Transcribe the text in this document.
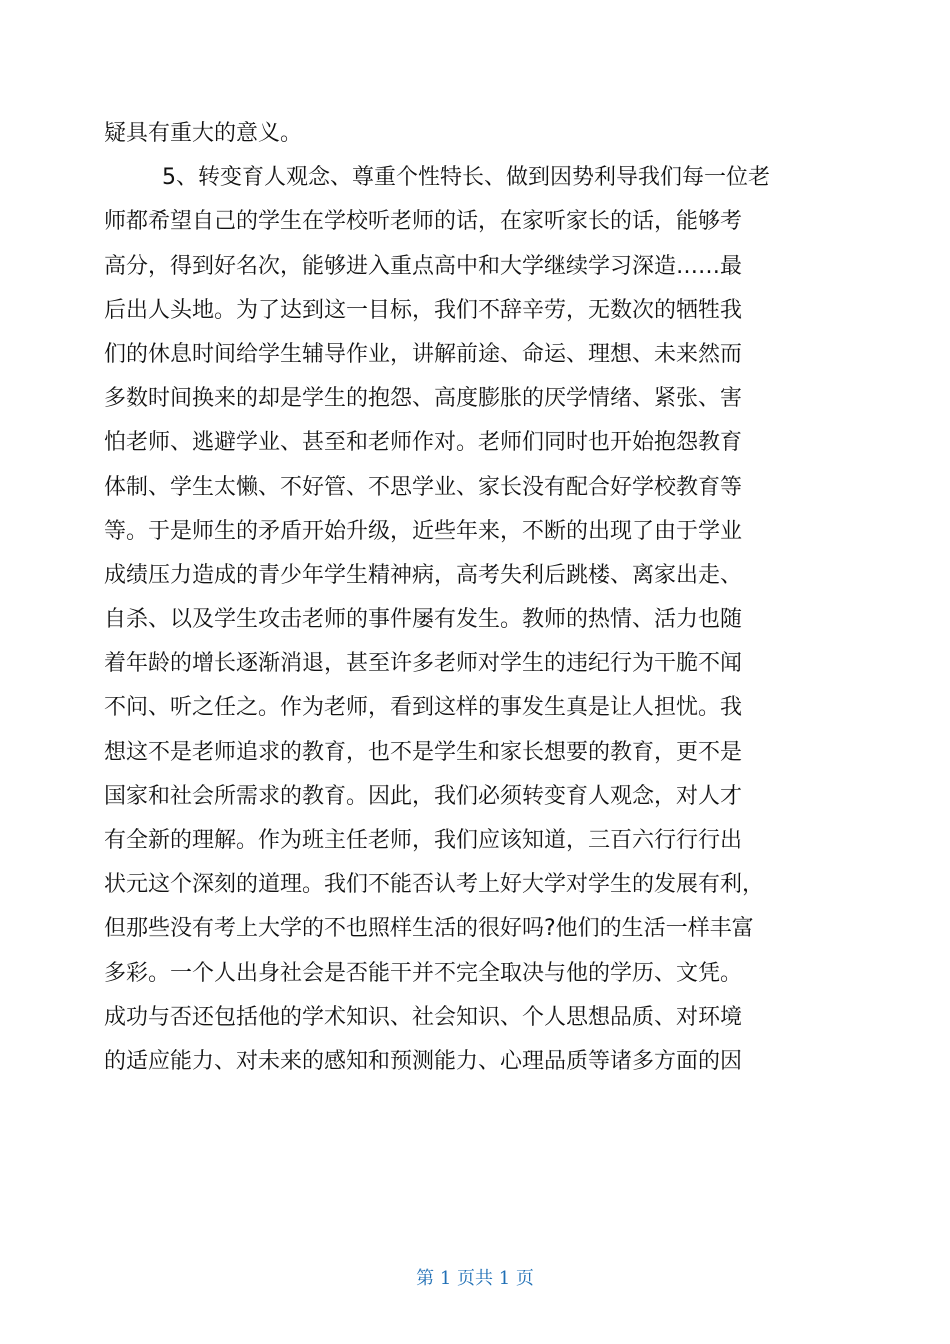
疑具有重大的意义。
5、转变育人观念、尊重个性特长、做到因势利导我们每一位老
师都希望自己的学生在学校听老师的话，在家听家长的话，能够考
高分，得到好名次，能够进入重点高中和大学继续学习深造……最
后出人头地。为了达到这一目标，我们不辞辛劳，无数次的牺牲我
们的休息时间给学生辅导作业，讲解前途、命运、理想、未来然而
多数时间换来的却是学生的抱怨、高度膨胀的厌学情绪、紧张、害
怕老师、逃避学业、甚至和老师作对。老师们同时也开始抱怨教育
体制、学生太懒、不好管、不思学业、家长没有配合好学校教育等
等。于是师生的矛盾开始升级，近些年来，不断的出现了由于学业
成绩压力造成的青少年学生精神病，高考失利后跳楼、离家出走、
自杀、以及学生攻击老师的事件屡有发生。教师的热情、活力也随
着年龄的增长逐渐消退，甚至许多老师对学生的违纪行为干脆不闻
不问、听之任之。作为老师，看到这样的事发生真是让人担忧。我
想这不是老师追求的教育，也不是学生和家长想要的教育，更不是
国家和社会所需求的教育。因此，我们必须转变育人观念，对人才
有全新的理解。作为班主任老师，我们应该知道，三百六行行行出
状元这个深刻的道理。我们不能否认考上好大学对学生的发展有利，
但那些没有考上大学的不也照样生活的很好吗?他们的生活一样丰富
多彩。一个人出身社会是否能干并不完全取决与他的学历、文凭。
成功与否还包括他的学术知识、社会知识、个人思想品质、对环境
的适应能力、对未来的感知和预测能力、心理品质等诸多方面的因
第 1 页共 1 页
